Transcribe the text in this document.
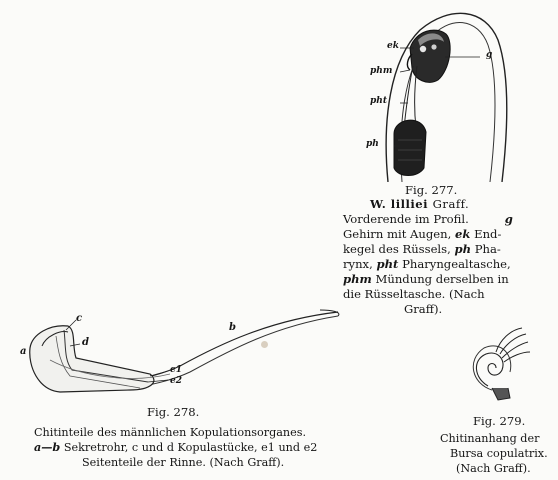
ek
g
phm
pht
ph
Fig. 277.
W. lilliei Graff.
Vorderende im Profil.	g
Gehirn mit Augen, ek End-
kegel des Rüssels, ph Pha-
rynx, pht Pharyngealtasche,
phm Mündung derselben in
die Rüsseltasche. (Nach
Graff).
a
b
c
d
e1
e2
Fig. 278.
Chitinteile des männlichen Kopulationsorganes.
a—b Sekretrohr, c und d Kopulastücke, e1 und e2
Seitenteile der Rinne. (Nach Graff).
Fig. 279.
Chitinanhang der
Bursa copulatrix.
(Nach Graff).
